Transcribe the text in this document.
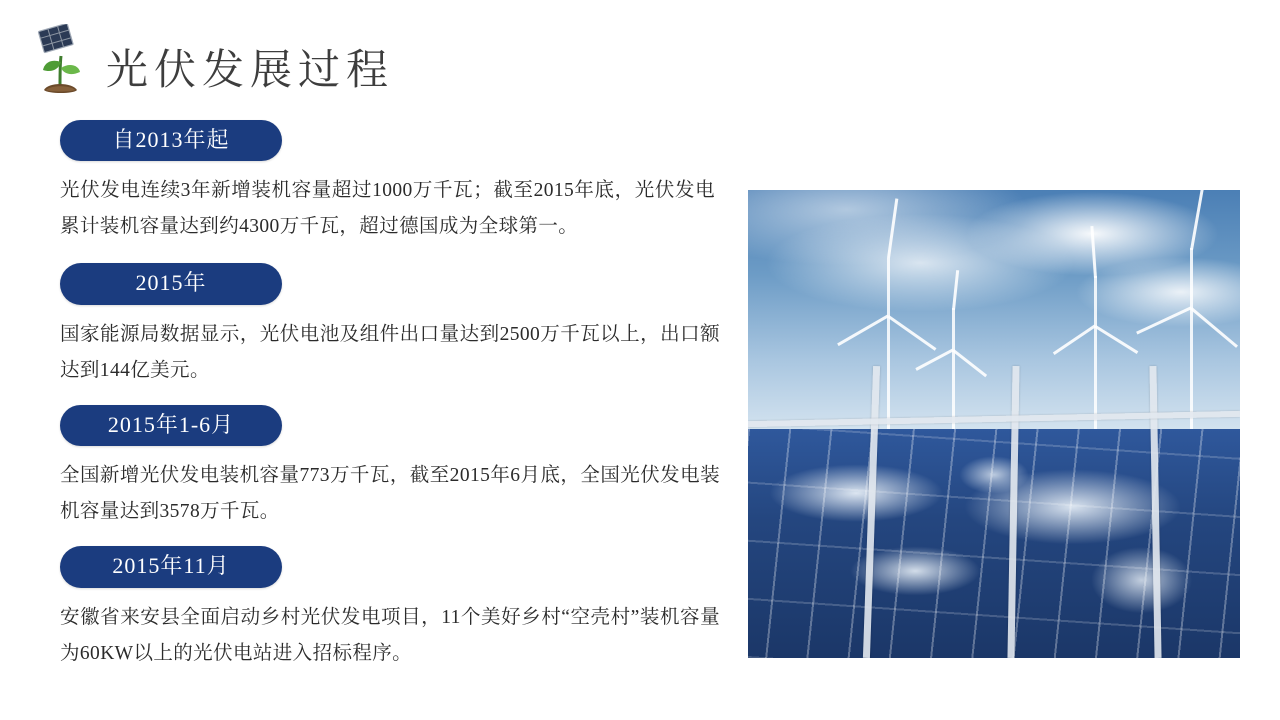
光伏发展过程
自2013年起
光伏发电连续3年新增装机容量超过1000万千瓦；截至2015年底，光伏发电累计装机容量达到约4300万千瓦，超过德国成为全球第一。
2015年
国家能源局数据显示，光伏电池及组件出口量达到2500万千瓦以上，出口额达到144亿美元。
2015年1-6月
全国新增光伏发电装机容量773万千瓦，截至2015年6月底，全国光伏发电装机容量达到3578万千瓦。
2015年11月
安徽省来安县全面启动乡村光伏发电项目，11个美好乡村“空壳村”装机容量为60KW以上的光伏电站进入招标程序。
